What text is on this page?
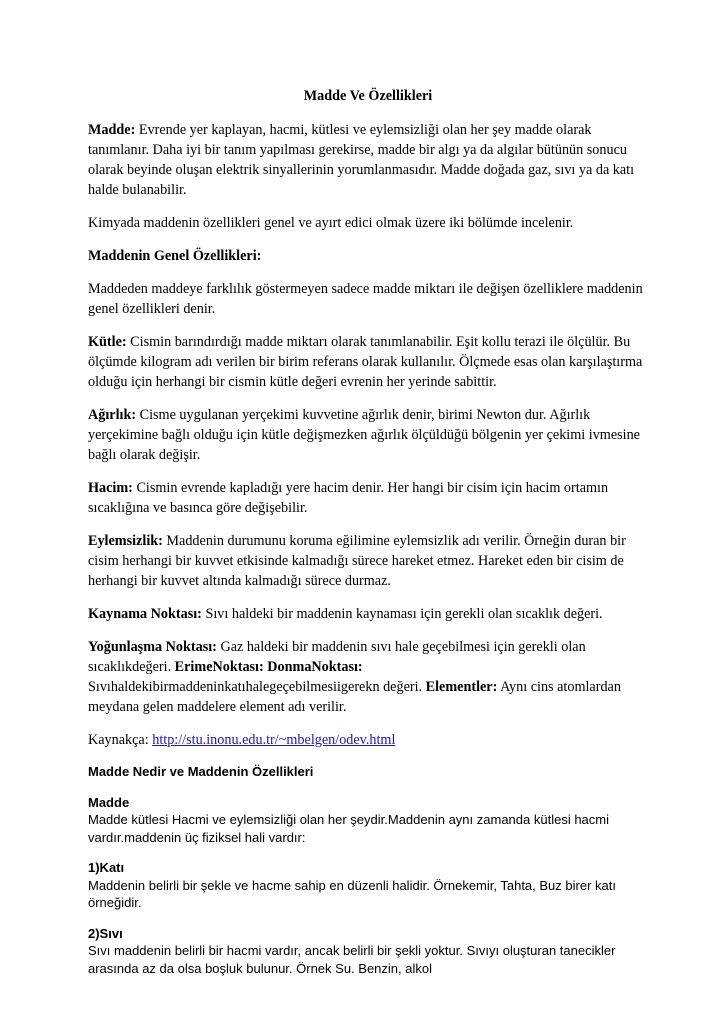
Madde Ve Özellikleri

Madde: Evrende yer kaplayan, hacmi, kütlesi ve eylemsizliği olan her şey madde olarak tanımlanır. Daha iyi bir tanım yapılması gerekirse, madde bir algı ya da algılar bütünün sonucu olarak beyinde oluşan elektrik sinyallerinin yorumlanmasıdır. Madde doğada gaz, sıvı ya da katı halde bulanabilir.

Kimyada maddenin özellikleri genel ve ayırt edici olmak üzere iki bölümde incelenir.

Maddenin Genel Özellikleri:

Maddeden maddeye farklılık göstermeyen sadece madde miktarı ile değişen özelliklere maddenin genel özellikleri denir.

Kütle: Cismin barındırdığı madde miktarı olarak tanımlanabilir. Eşit kollu terazi ile ölçülür. Bu ölçümde kilogram adı verilen bir birim referans olarak kullanılır. Ölçmede esas olan karşılaştırma olduğu için herhangi bir cismin kütle değeri evrenin her yerinde sabittir.

Ağırlık: Cisme uygulanan yerçekimi kuvvetine ağırlık denir, birimi Newton dur. Ağırlık yerçekimine bağlı olduğu için kütle değişmezken ağırlık ölçüldüğü bölgenin yer çekimi ivmesine bağlı olarak değişir.

Hacim: Cismin evrende kapladığı yere hacim denir. Her hangi bir cisim için hacim ortamın sıcaklığına ve basınca göre değişebilir.

Eylemsizlik: Maddenin durumunu koruma eğilimine eylemsizlik adı verilir. Örneğin duran bir cisim herhangi bir kuvvet etkisinde kalmadığı sürece hareket etmez. Hareket eden bir cisim de herhangi bir kuvvet altında kalmadığı sürece durmaz.

Kaynama Noktası: Sıvı haldeki bir maddenin kaynaması için gerekli olan sıcaklık değeri.

Yoğunlaşma Noktası: Gaz haldeki bir maddenin sıvı hale geçebilmesi için gerekli olan sıcaklıkdeğeri. ErimeNoktası: DonmaNoktası: Sıvıhaldekibirmaddeninkatıhalegeçebilmesiigerekn değeri. Elementler: Aynı cins atomlardan meydana gelen maddelere element adı verilir.

Kaynakça: http://stu.inonu.edu.tr/~mbelgen/odev.html

Madde Nedir ve Maddenin Özellikleri

Madde
Madde kütlesi Hacmi ve eylemsizliği olan her şeydir.Maddenin aynı zamanda kütlesi hacmi vardır.maddenin üç fiziksel hali vardır:

1)Katı
Maddenin belirli bir şekle ve hacme sahip en düzenli halidir. Örnekemir, Tahta, Buz birer katı örneğidir.

2)Sıvı
Sıvı maddenin belirli bir hacmi vardır, ancak belirli bir şekli yoktur. Sıvıyı oluşturan tanecikler arasında az da olsa boşluk bulunur. Örnek Su. Benzin, alkol
